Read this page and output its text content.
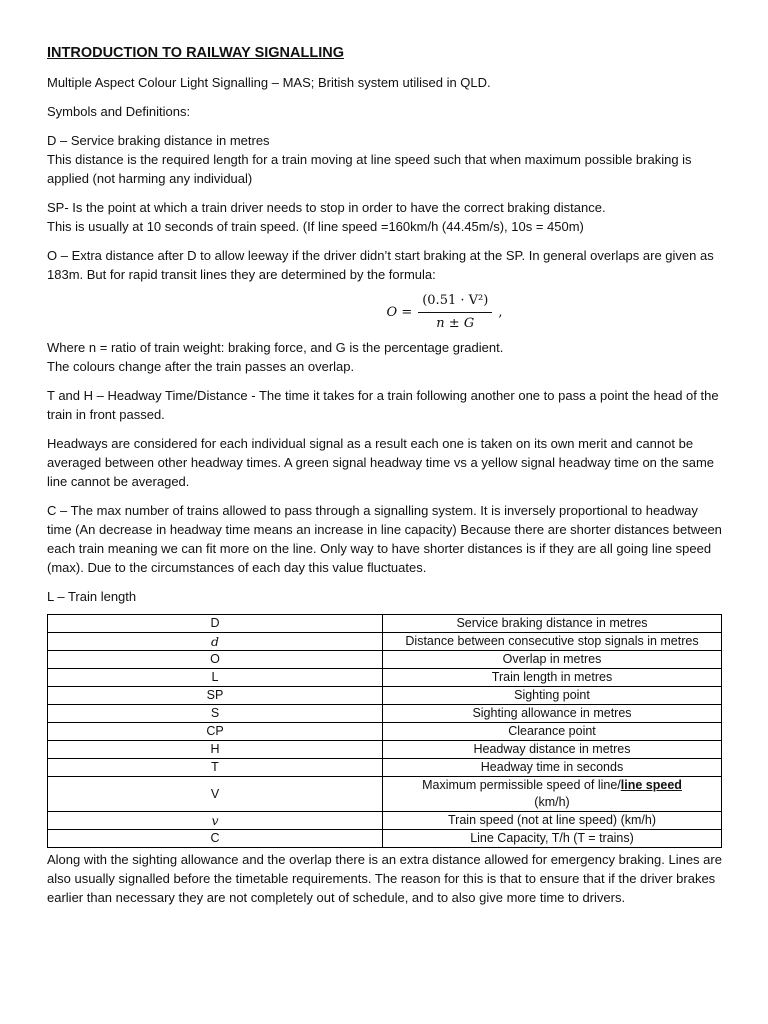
INTRODUCTION TO RAILWAY SIGNALLING

Multiple Aspect Colour Light Signalling – MAS; British system utilised in QLD.

Symbols and Definitions:

D – Service braking distance in metres
This distance is the required length for a train moving at line speed such that when maximum possible braking is applied (not harming any individual)

SP- Is the point at which a train driver needs to stop in order to have the correct braking distance.
This is usually at 10 seconds of train speed. (If line speed =160km/h (44.45m/s), 10s = 450m)

O – Extra distance after D to allow leeway if the driver didn’t start braking at the SP. In general overlaps are given as 183m. But for rapid transit lines they are determined by the formula:

$O = \frac{\text{(0.51 · V²)}}{n \pm G}$ ,

Where n = ratio of train weight: braking force, and G is the percentage gradient.
The colours change after the train passes an overlap.

T and H – Headway Time/Distance - The time it takes for a train following another one to pass a point the head of the train in front passed.

Headways are considered for each individual signal as a result each one is taken on its own merit and cannot be averaged between other headway times. A green signal headway time vs a yellow signal headway time on the same line cannot be averaged.

C – The max number of trains allowed to pass through a signalling system. It is inversely proportional to headway time (An decrease in headway time means an increase in line capacity) Because there are shorter distances between each train meaning we can fit more on the line. Only way to have shorter distances is if they are all going line speed (max). Due to the circumstances of each day this value fluctuates.

L – Train length

D	Service braking distance in metres
d	Distance between consecutive stop signals in metres
O	Overlap in metres
L	Train length in metres
SP	Sighting point
S	Sighting allowance in metres
CP	Clearance point
H	Headway distance in metres
T	Headway time in seconds
V	Maximum permissible speed of line/line speed
(km/h)
v	Train speed (not at line speed) (km/h)
C	Line Capacity, T/h (T = trains)

Along with the sighting allowance and the overlap there is an extra distance allowed for emergency braking. Lines are also usually signalled before the timetable requirements. The reason for this is that to ensure that if the driver brakes earlier than necessary they are not completely out of schedule, and to also give more time to drivers.
